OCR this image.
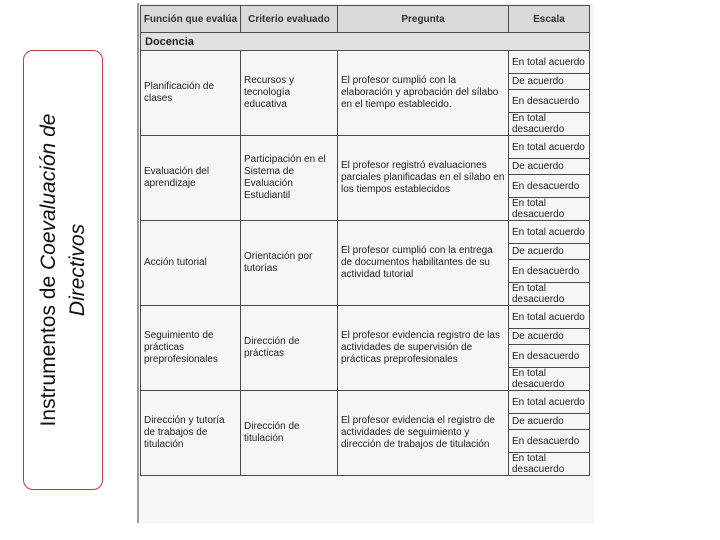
Instrumentos de Coevaluación de Directivos
Función que evalúa	Criterio evaluado	Pregunta	Escala
Docencia			
Planificación de clases	Recursos y tecnología educativa	El profesor cumplió con la elaboración y aprobación del sílabo en el tiempo establecido.	En total acuerdo
			De acuerdo
			En desacuerdo
			En total desacuerdo
Evaluación del aprendizaje	Participación en el Sistema de Evaluación Estudiantil	El profesor registró evaluaciones parciales planificadas en el sílabo en los tiempos establecidos	En total acuerdo
			De acuerdo
			En desacuerdo
			En total desacuerdo
Acción tutorial	Orientación por tutorías	El profesor cumplió con la entrega de documentos habilitantes de su actividad tutorial	En total acuerdo
			De acuerdo
			En desacuerdo
			En total desacuerdo
Seguimiento de prácticas preprofesionales	Dirección de prácticas	El profesor evidencia registro de las actividades de supervisión de prácticas preprofesionales	En total acuerdo
			De acuerdo
			En desacuerdo
			En total desacuerdo
Dirección y tutoría de trabajos de titulación	Dirección de titulación	El profesor evidencia el registro de actividades de seguimiento y dirección de trabajos de titulación	En total acuerdo
			De acuerdo
			En desacuerdo
			En total desacuerdo
